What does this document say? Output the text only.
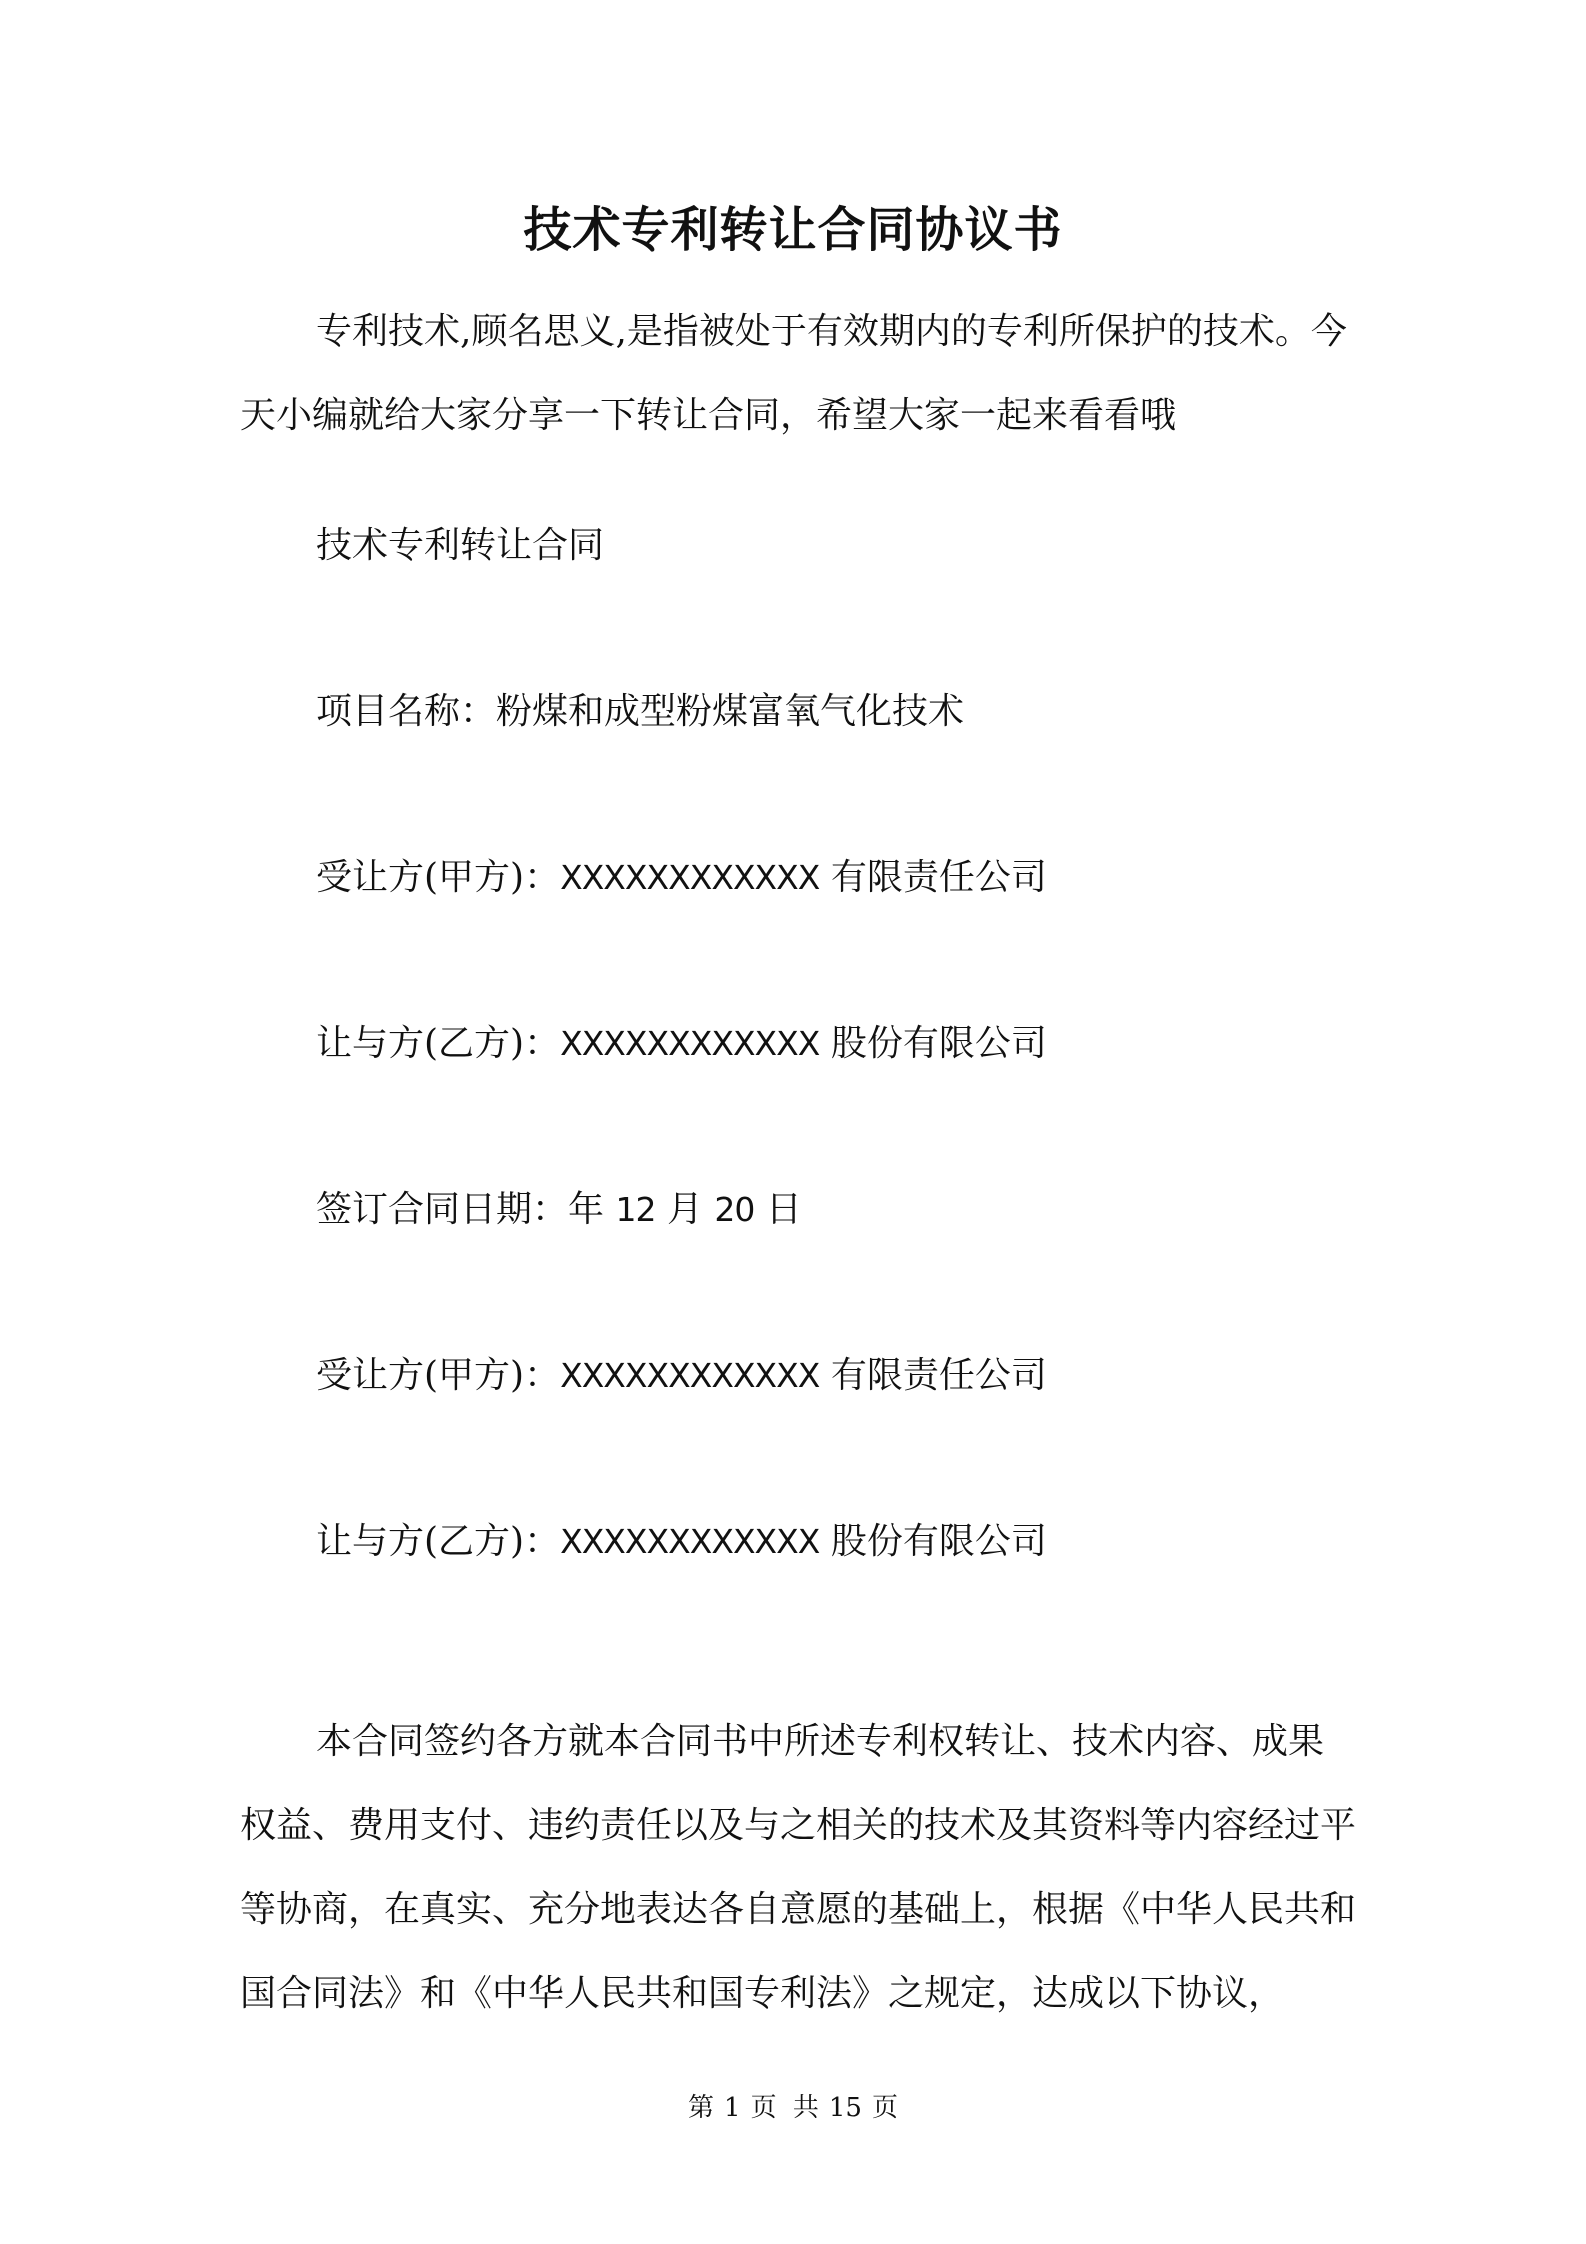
技术专利转让合同协议书

专利技术,顾名思义,是指被处于有效期内的专利所保护的技术。今天小编就给大家分享一下转让合同，希望大家一起来看看哦

技术专利转让合同
项目名称：粉煤和成型粉煤富氧气化技术
受让方(甲方)：XXXXXXXXXXXX 有限责任公司
让与方(乙方)：XXXXXXXXXXXX 股份有限公司
签订合同日期：年 12 月 20 日
受让方(甲方)：XXXXXXXXXXXX 有限责任公司
让与方(乙方)：XXXXXXXXXXXX 股份有限公司

本合同签约各方就本合同书中所述专利权转让、技术内容、成果权益、费用支付、违约责任以及与之相关的技术及其资料等内容经过平等协商，在真实、充分地表达各自意愿的基础上，根据《中华人民共和国合同法》和《中华人民共和国专利法》之规定，达成以下协议，

第 1 页 共 15 页
